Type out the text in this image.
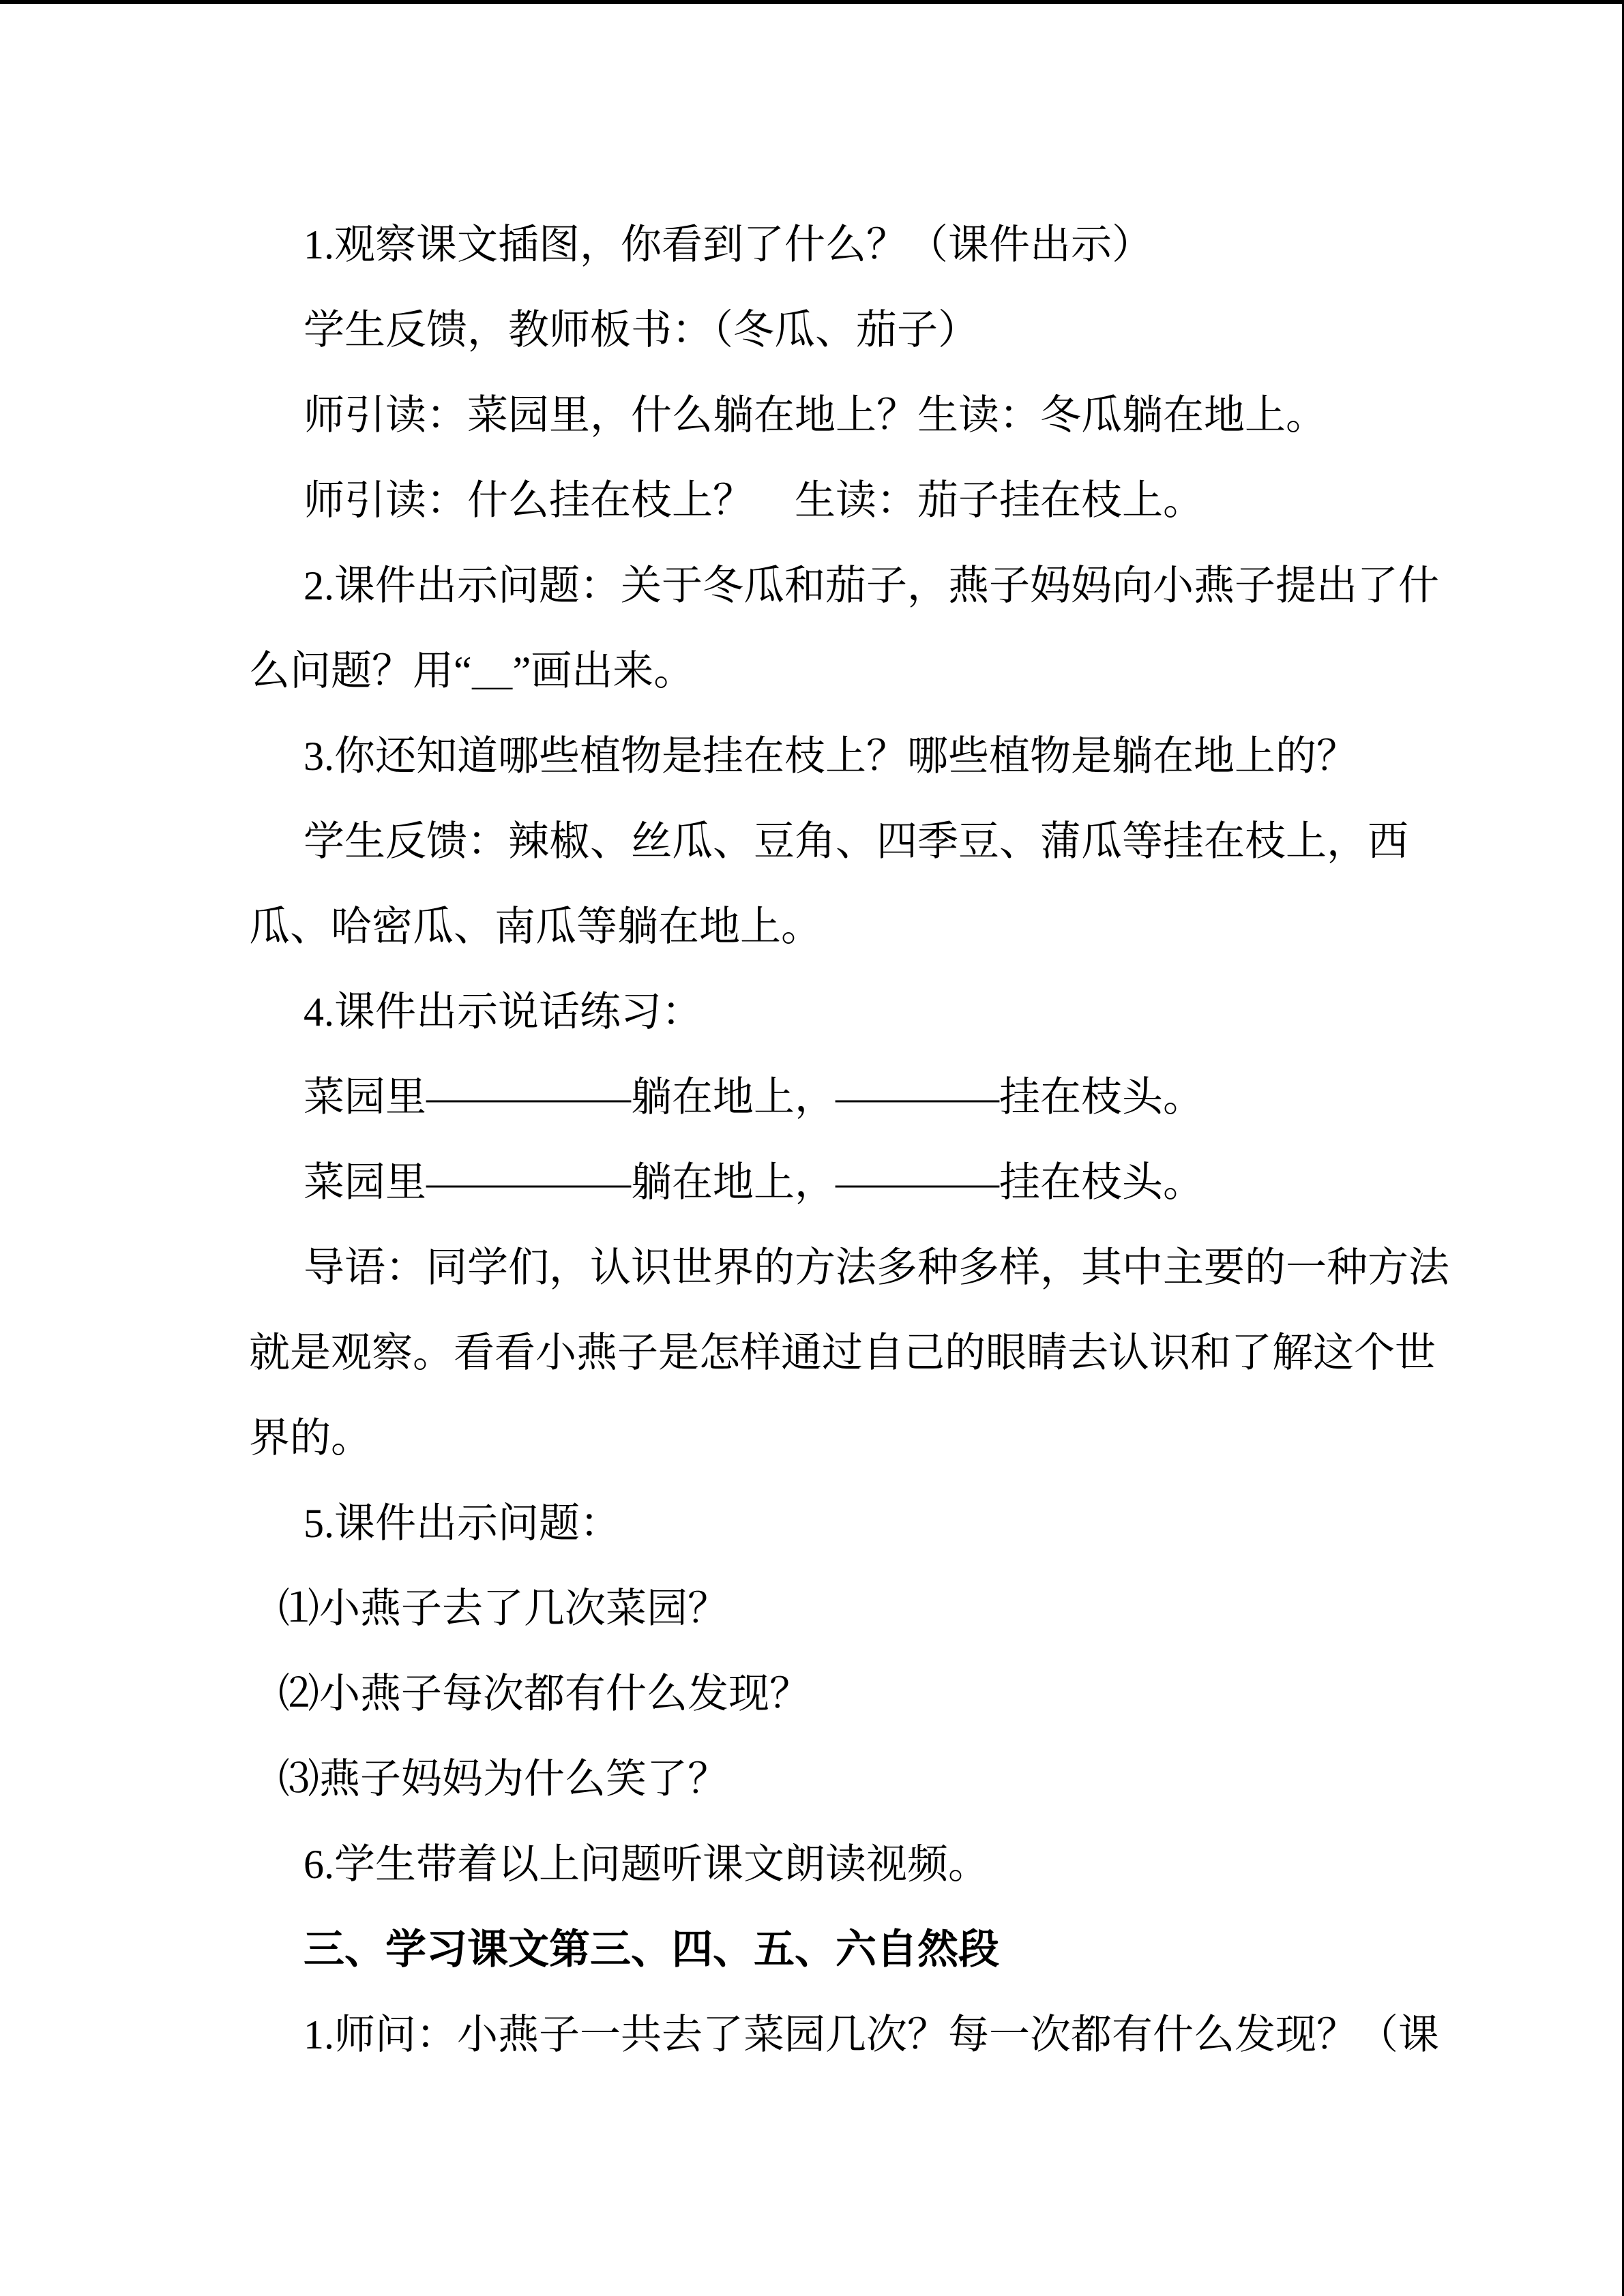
1.观察课文插图，你看到了什么？（课件出示）

学生反馈，教师板书：（冬瓜、茄子）

师引读：菜园里，什么躺在地上？生读：冬瓜躺在地上。

师引读：什么挂在枝上？　生读：茄子挂在枝上。

2.课件出示问题：关于冬瓜和茄子，燕子妈妈向小燕子提出了什

么问题？用“＿”画出来。

3.你还知道哪些植物是挂在枝上？哪些植物是躺在地上的？

学生反馈：辣椒、丝瓜、豆角、四季豆、蒲瓜等挂在枝上，西

瓜、哈密瓜、南瓜等躺在地上。

4.课件出示说话练习：

菜园里—————躺在地上，————挂在枝头。

菜园里—————躺在地上，————挂在枝头。

导语：同学们，认识世界的方法多种多样，其中主要的一种方法

就是观察。看看小燕子是怎样通过自己的眼睛去认识和了解这个世

界的。

5.课件出示问题：

⑴小燕子去了几次菜园？

⑵小燕子每次都有什么发现？

⑶燕子妈妈为什么笑了？

6.学生带着以上问题听课文朗读视频。

三、学习课文第三、四、五、六自然段

1.师问：小燕子一共去了菜园几次？每一次都有什么发现？（课
